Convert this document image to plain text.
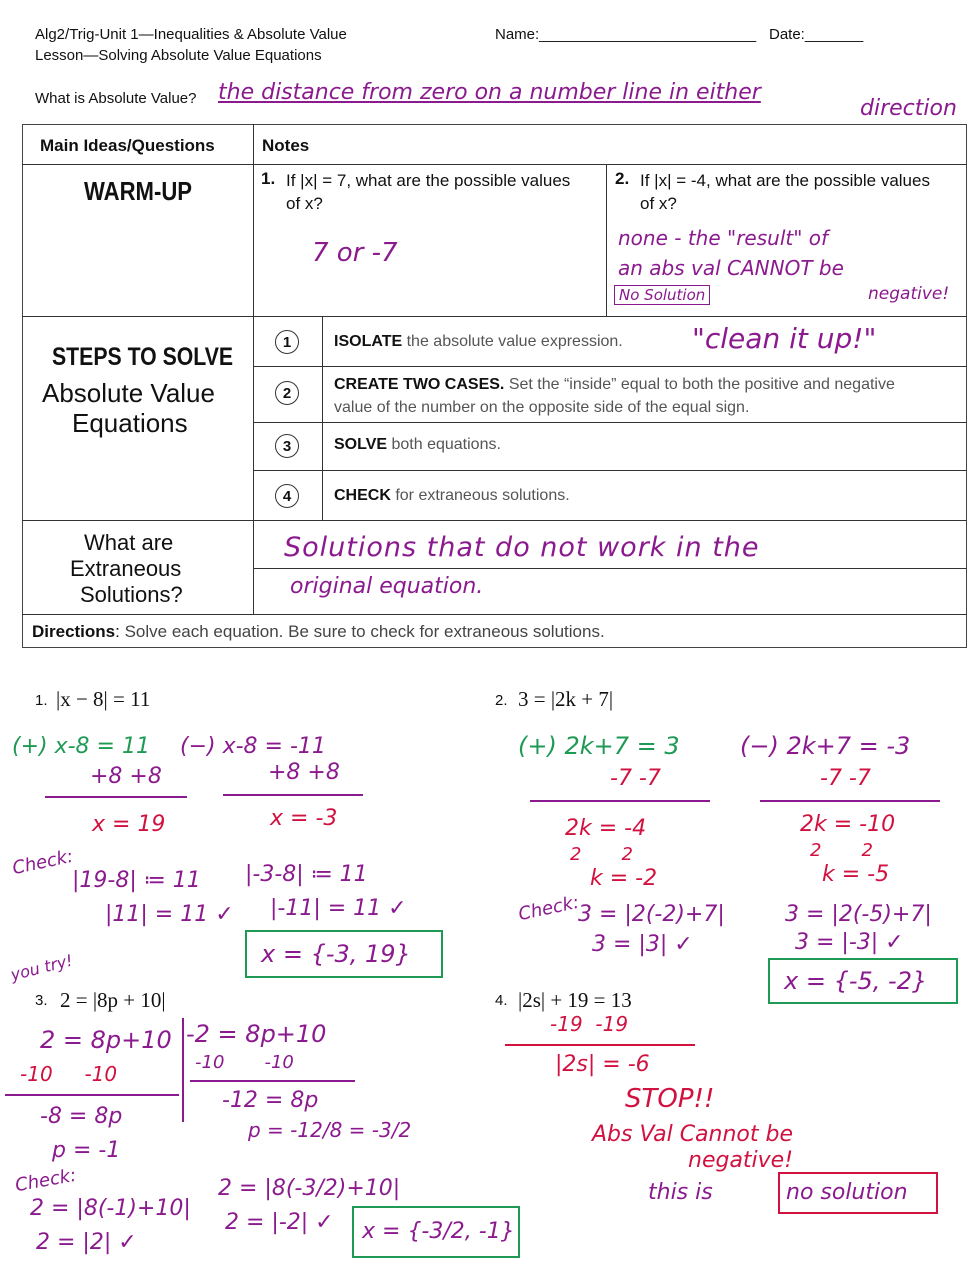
Alg2/Trig-Unit 1—Inequalities & Absolute Value
Lesson—Solving Absolute Value Equations
Name:__________________________ Date:_______
What is Absolute Value? the distance from zero on a number line in either
direction
Main Ideas/Questions	Notes
WARM-UP	1. If |x| = 7, what are the possible values of x?
7 or -7
2. If |x| = -4, what are the possible values of x?
none - the "result" of
an abs val CANNOT be
No Solution	negative!
STEPS TO SOLVE
Absolute Value
Equations
1	ISOLATE the absolute value expression. "clean it up!"
2
CREATE TWO CASES. Set the “inside” equal to both the positive and negative value of the number on the opposite side of the equal sign.
3	SOLVE both equations.
4	CHECK for extraneous solutions.
What are
Extraneous
Solutions?
Solutions that do not work in the
original equation.
Directions: Solve each equation. Be sure to check for extraneous solutions.
1. |x − 8| = 11
(+) x-8 = 11 (−) x-8 = -11
+8 +8	+8 +8
x = 19	x = -3
Check:
|19-8| ≔ 11
|11| = 11 ✓
|-3-8| ≔ 11
|-11| = 11 ✓
x = {-3, 19}
2. 3 = |2k + 7|
(+) 2k+7 = 3	(−) 2k+7 = -3
-7 -7	-7 -7
2k = -4	2k = -10
2       2	2       2
k = -2	k = -5
Check:
3 = |2(-2)+7|
3 = |3| ✓
3 = |2(-5)+7|
3 = |-3| ✓
x = {-5, -2}
you try!
3. 2 = |8p + 10|
2 = 8p+10 -2 = 8p+10
-10     -10	-10       -10
-8 = 8p
-12 = 8p
p = -1
p = -12/8 = -3/2
Check:
2 = |8(-1)+10|
2 = |2| ✓
2 = |8(-3/2)+10|
2 = |-2| ✓	x = {-3/2, -1}
4. |2s| + 19 = 13
-19  -19
|2s| = -6
STOP!!
Abs Val Cannot be
negative!
this is	no solution
